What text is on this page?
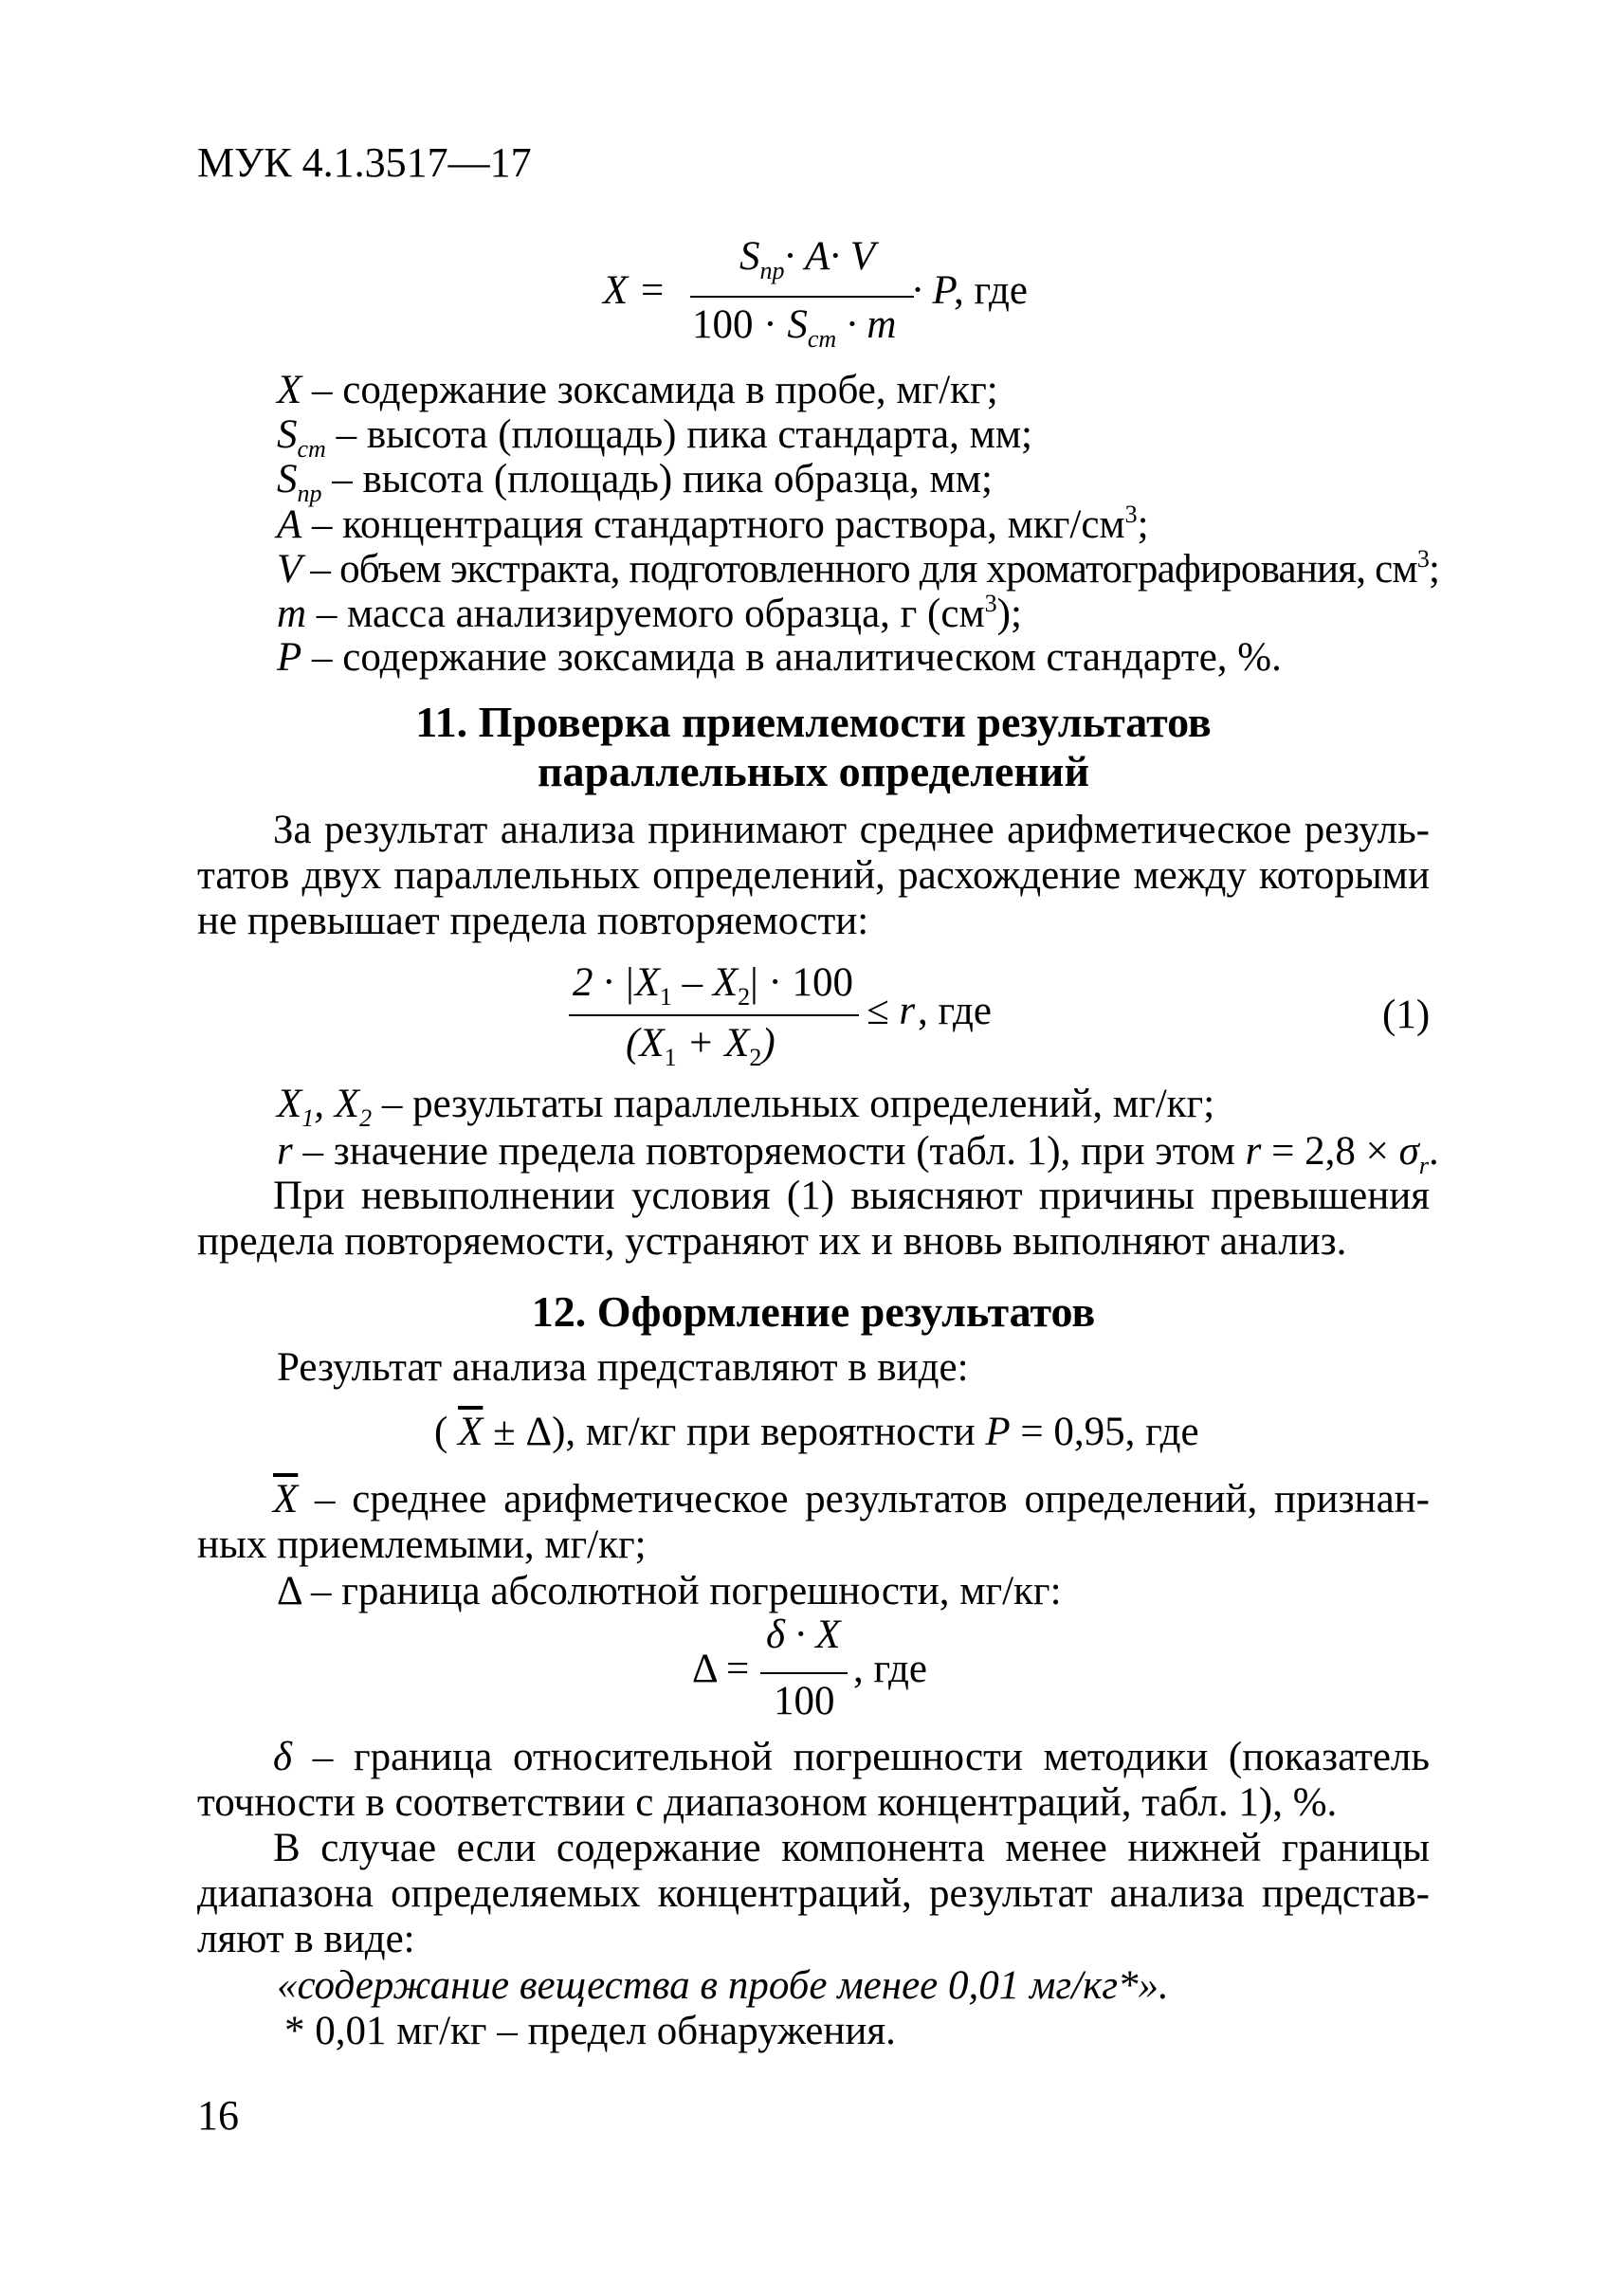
МУК 4.1.3517—17
X =
$S_{пр}\cdot A\cdot V$
$100 \cdot S_{ст} \cdot m$
· P
, где
X – содержание зоксамида в пробе, мг/кг;
$S_{ст}$ – высота (площадь) пика стандарта, мм;
$S_{пр}$ – высота (площадь) пика образца, мм;
A – концентрация стандартного раствора, мкг/$см^3$;
V – объем экстракта, подготовленного для хроматографирования, $см^3$;
m – масса анализируемого образца, г $(см^3)$;
P – содержание зоксамида в аналитическом стандарте, %.
11. Проверка приемлемости результатов
параллельных определений
За результат анализа принимают среднее арифметическое резуль-
татов двух параллельных определений, расхождение между которыми
не превышает предела повторяемости:
$2 \cdot |X_1 - X_2| \cdot 100$
$(X_1 + X_2)$
≤ r , где	(1)
$X_1$, $X_2$ – результаты параллельных определений, мг/кг;
r – значение предела повторяемости (табл. 1), при этом $r = 2,8 \times \sigma_r$.
При невыполнении условия (1) выясняют причины превышения
предела повторяемости, устраняют их и вновь выполняют анализ.
12. Оформление результатов
Результат анализа представляют в виде:
( $\overline{X} \pm \Delta$), мг/кг при вероятности P = 0,95, где
$\overline{X}$ – среднее арифметическое результатов определений, признан-
ных приемлемыми, мг/кг;
Δ – граница абсолютной погрешности, мг/кг:
Δ =
δ · X
100
, где
δ – граница относительной погрешности методики (показатель
точности в соответствии с диапазоном концентраций, табл. 1), %.
В случае если содержание компонента менее нижней границы
диапазона определяемых концентраций, результат анализа представ-
ляют в виде:
«содержание вещества в пробе менее 0,01 мг/кг*».
* 0,01 мг/кг – предел обнаружения.
16
